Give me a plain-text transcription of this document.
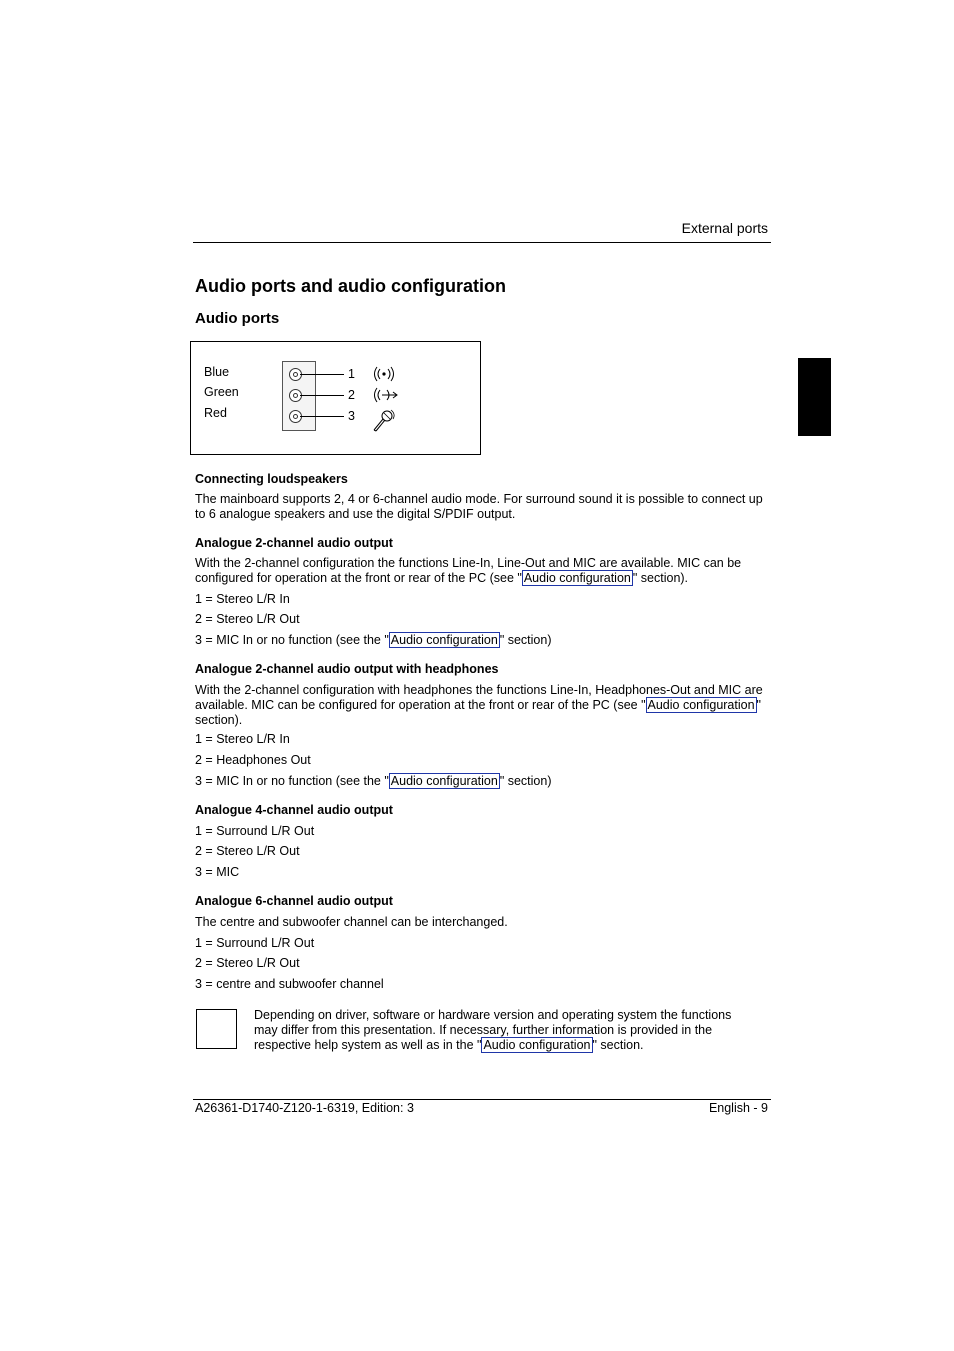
External ports
Audio ports and audio configuration
Audio ports
Blue
Green
Red
1
2
3
Connecting loudspeakers
The mainboard supports 2, 4 or 6-channel audio mode. For surround sound it is possible to connect up to 6 analogue speakers and use the digital S/PDIF output.
Analogue 2-channel audio output
With the 2-channel configuration the functions Line-In, Line-Out and MIC are available. MIC can be configured for operation at the front or rear of the PC (see " Audio configuration " section).
1 = Stereo L/R In
2 = Stereo L/R Out
3 = MIC In or no function (see the " Audio configuration " section)
Analogue 2-channel audio output with headphones
With the 2-channel configuration with headphones the functions Line-In, Headphones-Out and MIC are available. MIC can be configured for operation at the front or rear of the PC (see " Audio configuration " section).
1 = Stereo L/R In
2 = Headphones Out
3 = MIC In or no function (see the " Audio configuration " section)
Analogue 4-channel audio output
1 = Surround L/R Out
2 = Stereo L/R Out
3 = MIC
Analogue 6-channel audio output
The centre and subwoofer channel can be interchanged.
1 = Surround L/R Out
2 = Stereo L/R Out
3 = centre and subwoofer channel
Depending on driver, software or hardware version and operating system the functions may differ from this presentation. If necessary, further information is provided in the respective help system as well as in the " Audio configuration " section.
A26361-D1740-Z120-1-6319, Edition: 3	English - 9
